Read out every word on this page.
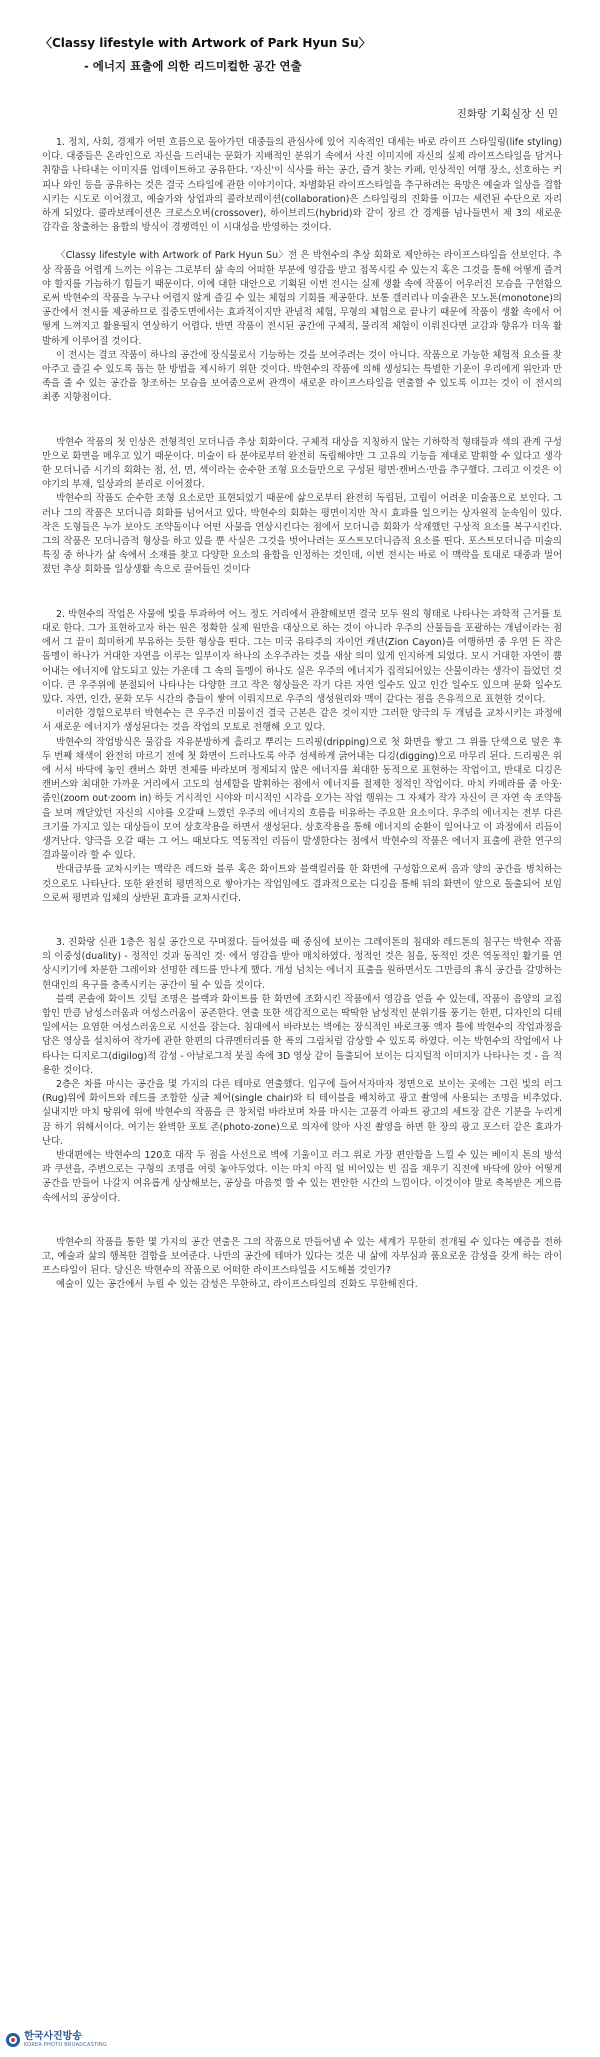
〈Classy lifestyle with Artwork of Park Hyun Su〉
- 에너지 표출에 의한 리드미컬한 공간 연출
진화랑 기획실장 신 민

1. 정치, 사회, 경제가 어떤 흐름으로 돌아가던 대중들의 관심사에 있어 지속적인 대세는 바로 라이프 스타일링(life styling)이다. 대중들은 온라인으로 자신을 드러내는 문화가 지배적인 분위기 속에서 사진 이미지에 자신의 실제 라이프스타일을 담거나 취향을 나타내는 이미지를 업데이트하고 공유한다. '자신'이 식사를 하는 공간, 즐겨 찾는 카페, 인상적인 여행 장소, 선호하는 커피나 와인 등을 공유하는 것은 결국 스타일에 관한 이야기이다. 차별화된 라이프스타일을 추구하려는 욕망은 예술과 일상을 결합시키는 시도로 이어졌고, 예술가와 상업과의 콜라보레이션(collaboration)은 스타일링의 진화를 이끄는 세련된 수단으로 자리하게 되었다. 콜라보레이션은 크로스오버(crossover), 하이브리드(hybrid)와 같이 장르 간 경계를 넘나들면서 제 3의 새로운 감각을 창출하는 융합의 방식이 경쟁력인 이 시대성을 반영하는 것이다.

〈Classy lifestyle with Artwork of Park Hyun Su〉전 은 박현수의 추상 회화로 제안하는 라이프스타일을 선보인다. 추상 작품을 어렵게 느끼는 이유는 그로부터 삶 속의 어떠한 부분에 영감을 받고 접목시킬 수 있는지 혹은 그것을 통해 어떻게 즐겨야 할지를 가늠하기 힘들기 때문이다. 이에 대한 대안으로 기획된 이번 전시는 실제 생활 속에 작품이 어우러진 모습을 구현함으로써 박현수의 작품을 누구나 어렵지 않게 즐길 수 있는 체험의 기회를 제공한다. 보통 갤러리나 미술관은 모노톤(monotone)의 공간에서 전시를 제공하므로 집중도면에서는 효과적이지만 관념적 체험, 무형의 체험으로 끝나기 때문에 작품이 생활 속에서 어떻게 느껴지고 활용될지 연상하기 어렵다. 반면 작품이 전시된 공간에 구체적, 물리적 체험이 이뤄진다면 교감과 향유가 더욱 활발하게 이루어질 것이다.

이 전시는 결코 작품이 하나의 공간에 장식물로서 기능하는 것을 보여주려는 것이 아니다. 작품으로 가능한 체험적 요소를 찾아주고 즐길 수 있도록 돕는 한 방법을 제시하기 위한 것이다. 박현수의 작품에 의해 생성되는 특별한 기운이 우리에게 위안과 만족을 줄 수 있는 공간을 창조하는 모습을 보여줌으로써 관객이 새로운 라이프스타일을 연출할 수 있도록 이끄는 것이 이 전시의 최종 지향점이다.

박현수 작품의 첫 인상은 전형적인 모더니즘 추상 회화이다. 구체적 대상을 지칭하지 않는 기하학적 형태들과 색의 관계 구성만으로 화면을 메우고 있기 때문이다. 미술이 타 분야로부터 완전히 독립해야만 그 고유의 기능을 제대로 발휘할 수 있다고 생각한 모더니즘 시기의 회화는 점, 선, 면, 색이라는 순수한 조형 요소들만으로 구성된 평면·캔버스·만을 추구했다. 그리고 이것은 이야기의 부재, 일상과의 분리로 이어졌다.

박현수의 작품도 순수한 조형 요소로만 표현되었기 때문에 삶으로부터 완전히 독립된, 고립이 어려운 미술품으로 보인다. 그러나 그의 작품은 모더니즘 회화를 넘어서고 있다. 박현수의 회화는 평면이지만 착시 효과를 일으키는 상자원적 눈속임이 있다. 작은 도형들은 누가 보아도 조약돌이나 어떤 사물을 연상시킨다는 점에서 모더니즘 회화가 삭제했던 구상적 요소를 복구시킨다. 그의 작품은 모더니즘적 형상을 하고 있을 뿐 사실은 그것을 벗어나려는 포스트모더니즘적 요소를 띤다. 포스트모더니즘 미술의 특징 중 하나가 삶 속에서 소재를 찾고 다양한 요소의 융합을 인정하는 것인데, 이번 전시는 바로 이 맥락을 토대로 대중과 멀어졌던 추상 회화를 일상생활 속으로 끌어들인 것이다

2. 박현수의 작업은 사물에 빛을 투과하여 어느 정도 거리에서 관찰해보면 결국 모두 원의 형태로 나타나는 과학적 근거를 토대로 한다. 그가 표현하고자 하는 원은 정확한 실제 원만을 대상으로 하는 것이 아니라 우주의 산물들을 포괄하는 개념이라는 점에서 그 끝이 희미하게 부유하는 듯한 형상을 띤다. 그는 미국 유타주의 자이언 캐년(Zion Cayon)을 여행하면 중 우연 든 작은 돌멩이 하나가 거대한 자연을 이루는 일부이자 하나의 소우주라는 것을 새삼 의미 있게 인지하게 되었다. 모시 거대한 자연이 뿜어내는 에너지에 압도되고 있는 가운데 그 속의 돌멩이 하나도 실은 우주의 에너지가 집적되어있는 산물이라는 생각이 들었던 것이다. 큰 우주위에 분절되어 나타나는 다양한 크고 작은 형상들은 각기 다른 자연 일수도 있고 인간 일수도 있으며 문화 일수도 있다. 자연, 인간, 문화 모두 시간의 층들이 쌓여 이뤄지므로 우주의 생성원리와 맥이 같다는 점을 은유적으로 표현한 것이다.

이러한 경험으로부터 박현수는 큰 우주건 미물이건 결국 근본은 같은 것이지만 그러한 양극의 두 개념을 교차시키는 과정에서 새로운 에너지가 생성된다는 것을 작업의 모토로 전행해 오고 있다.

박현수의 작업방식은 물감을 자유분방하게 흘리고 뿌리는 드리핑(dripping)으로 첫 화면을 쌓고 그 위를 단색으로 덮은 후 두 번째 채색이 완전히 마르기 전에 첫 화면이 드러나도록 아주 섬세하게 긁어내는 디깅(digging)으로 마무리 된다. 드리핑은 위에 서서 바닥에 놓인 캔버스 화면 전체를 바라보며 정제되지 않은 에너지를 최대한 동적으로 표현하는 작업이고, 반대로 디깅은 캔버스와 최대한 가까운 거리에서 고도의 섬세함을 발휘하는 점에서 에너지를 절제한 정적인 작업이다. 마치 카메라를 줌 아웃·줌인(zoom out·zoom in) 하듯 거시적인 시야와 미시적인 시각을 오가는 작업 행위는 그 자체가 작가 자신이 큰 자연 속 조약돌을 보며 깨닫았던 자신의 시야를 오갈때 느꼈던 우주의 에너지의 흐름을 비유하는 주요한 요소이다. 우주의 에너지는 전부 다른 크기를 가지고 있는 대상들이 모여 상호작용을 하면서 생성된다. 상호작용을 통해 에너지의 순환이 일어나고 이 과정에서 리듬이 생겨난다. 양극을 오갈 때는 그 어느 때보다도 역동적인 리듬이 발생한다는 점에서 박현수의 작품은 에너지 표출에 관한 연구의 결과물이라 할 수 있다.

반대급부를 교차시키는 맥락은 레드와 블루 혹은 화이트와 블랙컬러를 한 화면에 구성함으로써 음과 양의 공간을 병치하는 것으로도 나타난다. 또한 완전히 평면적으로 쌓아가는 작업임에도 결과적으로는 디깅을 통해 뒤의 화면이 앞으로 돌출되어 보임으로써 평면과 입체의 상반된 효과를 교차시킨다.

3. 진화랑 신관 1층은 침실 공간으로 꾸며졌다. 들어섰을 때 중심에 보이는 그레이톤의 침대와 레드톤의 침구는 박현수 작품의 이중성(duality) - 정적인 것과 동적인 것· 에서 영감을 받아 매치하였다. 정적인 것은 침을, 동적인 것은 역동적인 활기를 연상시키기에 차분한 그레이와 선명한 레드를 만나게 했다. 개성 넘치는 에너지 표출을 원하면서도 그만큼의 휴식 공간을 갈망하는 현대인의 욕구를 충족시키는 공간이 될 수 있을 것이다.

블랙 콘솔에 화이트 깃털 조명은 블랙과 화이트를 한 화면에 조화시킨 작품에서 영감을 얻을 수 있는데, 작품이 음양의 교집합인 만큼 남성스러움과 여성스러움이 공존한다. 연출 또한 색감적으로는 딱딱한 남성적인 분위기를 풍기는 한편, 디자인의 디테일에서는 요염한 여성스러움으로 시선을 잡는다. 침대에서 바라보는 벽에는 장식적인 바로크풍 액자 틀에 박현수의 작업과정을 담은 영상을 설치하여 작가에 관한 한편의 다큐멘터리를 한 폭의 그림처럼 감상할 수 있도록 하였다. 이는 박현수의 작업에서 나타나는 디지로그(digilog)적 감성 - 아날로그적 붓질 속에 3D 영상 같이 돌출되어 보이는 디지털적 이미지가 나타나는 것 - 을 적용한 것이다.

2층은 차를 마시는 공간을 몇 가지의 다른 테마로 연출했다. 입구에 들어서자마자 정면으로 보이는 곳에는 그린 빛의 러그(Rug)위에 화이트와 레드를 조합한 싱글 체어(single chair)와 티 테이블을 배치하고 광고 촬영에 사용되는 조명을 비추었다. 실내지만 마치 땅위에 위에 박현수의 작품을 큰 창처럼 바라보며 차를 마시는 고품격 아파트 광고의 세트장 같은 기분을 누리게끔 하기 위해서이다. 여기는 완벽한 포토 존(photo-zone)으로 의자에 앉아 사진 촬영을 하면 한 장의 광고 포스터 같은 효과가 난다.

반대편에는 박현수의 120호 대작 두 점을 사선으로 벽에 기울이고 러그 위로 가장 편안함을 느낄 수 있는 베이지 톤의 방석과 쿠션을, 주변으로는 구형의 조명을 여럿 놓아두었다. 이는 마치 아직 덜 비어있는 빈 집을 채우기 직전에 바닥에 앉아 어떻게 공간을 만들어 나갈지 여유롭게 상상해보는, 공상을 마음껏 할 수 있는 편안한 시간의 느낌이다. 이것이야 말로 축복받은 게으름 속에서의 공상이다.

박현수의 작품을 통한 몇 가지의 공간 연출은 그의 작품으로 만들어낼 수 있는 세계가 무한히 전개될 수 있다는 예증을 전하고, 예술과 삶의 행복한 결합을 보여준다. 나만의 공간에 테마가 있다는 것은 내 삶에 자부심과 품요로운 감성을 갖게 하는 라이프스타일이 된다. 당신은 박현수의 작품으로 어떠한 라이프스타일을 시도해볼 것인가?

예술이 있는 공간에서 누릴 수 있는 감성은 무한하고, 라이프스타일의 진화도 무한해진다.

한국사진방송
KOREA PHOTO BROADCASTING
